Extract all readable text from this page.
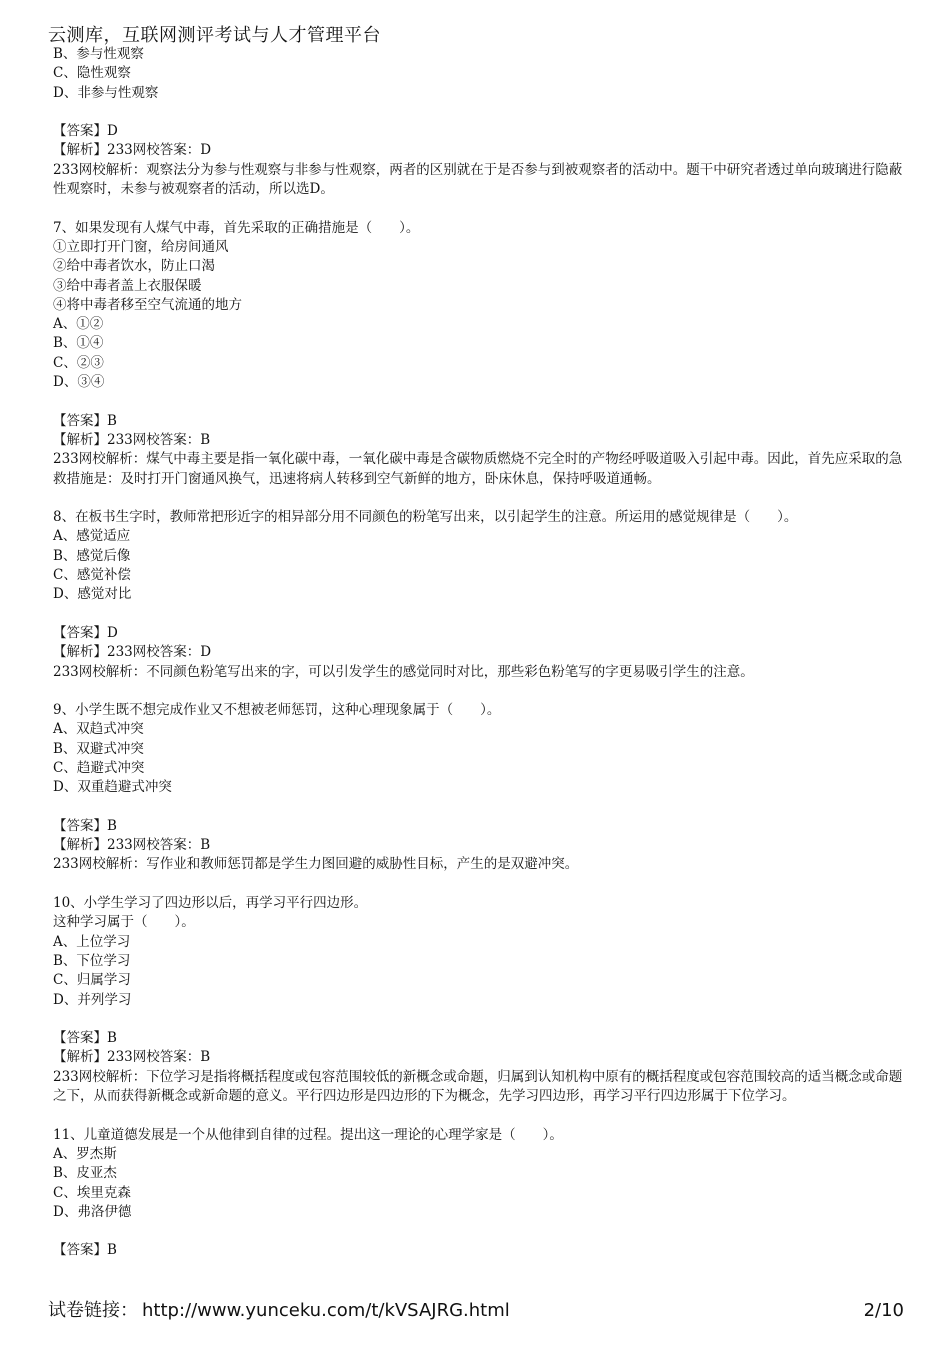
云测库，互联网测评考试与人才管理平台
B、参与性观察
C、隐性观察
D、非参与性观察
【答案】D
【解析】233网校答案：D
233网校解析：观察法分为参与性观察与非参与性观察，两者的区别就在于是否参与到被观察者的活动中。题干中研究者透过单向玻璃进行隐蔽性观察时，未参与被观察者的活动，所以选D。
7、如果发现有人煤气中毒，首先采取的正确措施是（　　）。
①立即打开门窗，给房间通风
②给中毒者饮水，防止口渴
③给中毒者盖上衣服保暖
④将中毒者移至空气流通的地方
A、①②
B、①④
C、②③
D、③④
【答案】B
【解析】233网校答案：B
233网校解析：煤气中毒主要是指一氧化碳中毒，一氧化碳中毒是含碳物质燃烧不完全时的产物经呼吸道吸入引起中毒。因此，首先应采取的急救措施是：及时打开门窗通风换气，迅速将病人转移到空气新鲜的地方，卧床休息，保持呼吸道通畅。
8、在板书生字时，教师常把形近字的相异部分用不同颜色的粉笔写出来，以引起学生的注意。所运用的感觉规律是（　　）。
A、感觉适应
B、感觉后像
C、感觉补偿
D、感觉对比
【答案】D
【解析】233网校答案：D
233网校解析：不同颜色粉笔写出来的字，可以引发学生的感觉同时对比，那些彩色粉笔写的字更易吸引学生的注意。
9、小学生既不想完成作业又不想被老师惩罚，这种心理现象属于（　　）。
A、双趋式冲突
B、双避式冲突
C、趋避式冲突
D、双重趋避式冲突
【答案】B
【解析】233网校答案：B
233网校解析：写作业和教师惩罚都是学生力图回避的威胁性目标，产生的是双避冲突。
10、小学生学习了四边形以后，再学习平行四边形。
这种学习属于（　　）。
A、上位学习
B、下位学习
C、归属学习
D、并列学习
【答案】B
【解析】233网校答案：B
233网校解析：下位学习是指将概括程度或包容范围较低的新概念或命题，归属到认知机构中原有的概括程度或包容范围较高的适当概念或命题之下，从而获得新概念或新命题的意义。平行四边形是四边形的下为概念，先学习四边形，再学习平行四边形属于下位学习。
11、儿童道德发展是一个从他律到自律的过程。提出这一理论的心理学家是（　　）。
A、罗杰斯
B、皮亚杰
C、埃里克森
D、弗洛伊德
【答案】B
试卷链接： http://www.yunceku.com/t/kVSAJRG.html	2/10
